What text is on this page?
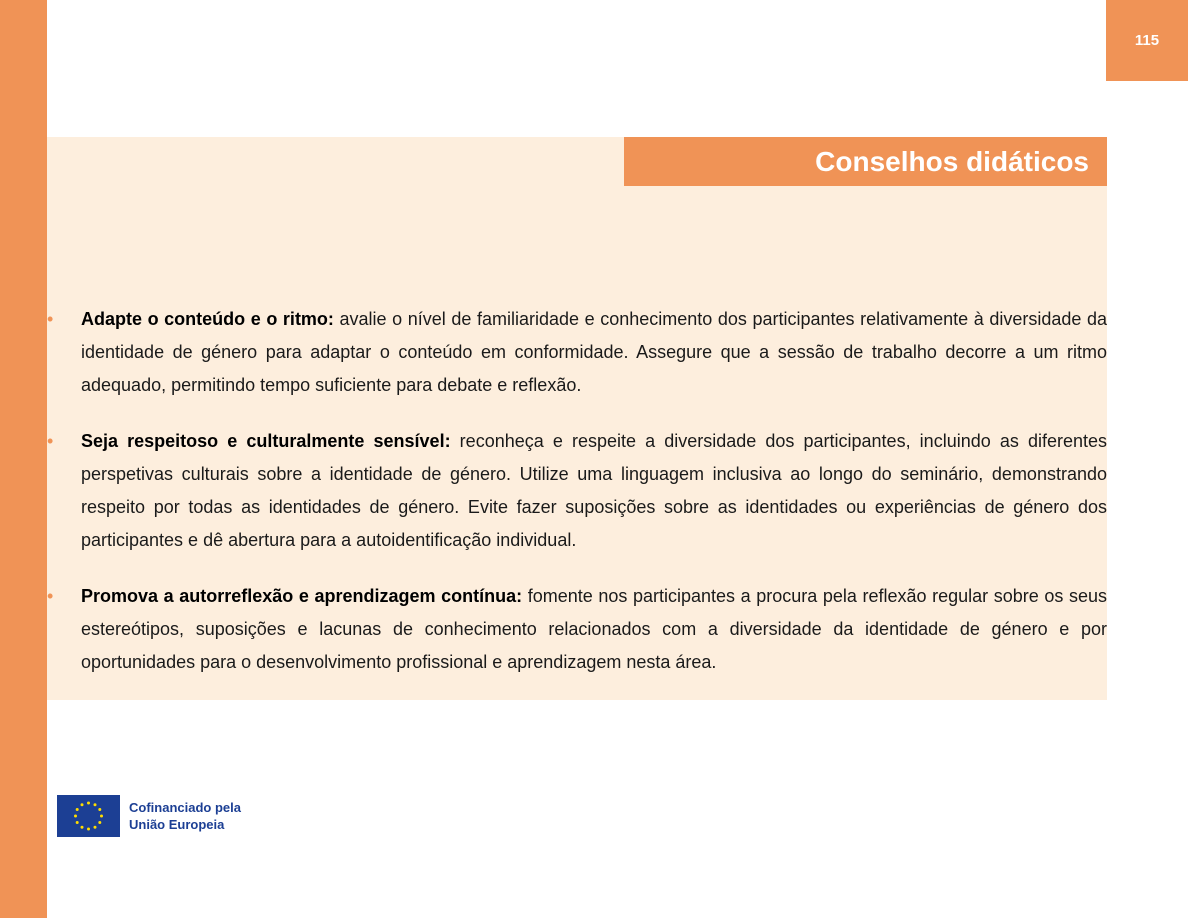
115
Conselhos didáticos
• Adapte o conteúdo e o ritmo: avalie o nível de familiaridade e conhecimento dos participantes relativamente à diversidade da identidade de género para adaptar o conteúdo em conformidade. Assegure que a sessão de trabalho decorre a um ritmo adequado, permitindo tempo suficiente para debate e reflexão.
• Seja respeitoso e culturalmente sensível: reconheça e respeite a diversidade dos participantes, incluindo as diferentes perspetivas culturais sobre a identidade de género. Utilize uma linguagem inclusiva ao longo do seminário, demonstrando respeito por todas as identidades de género. Evite fazer suposições sobre as identidades ou experiências de género dos participantes e dê abertura para a autoidentificação individual.
• Promova a autorreflexão e aprendizagem contínua: fomente nos participantes a procura pela reflexão regular sobre os seus estereótipos, suposições e lacunas de conhecimento relacionados com a diversidade da identidade de género e por oportunidades para o desenvolvimento profissional e aprendizagem nesta área.
Cofinanciado pela
União Europeia
